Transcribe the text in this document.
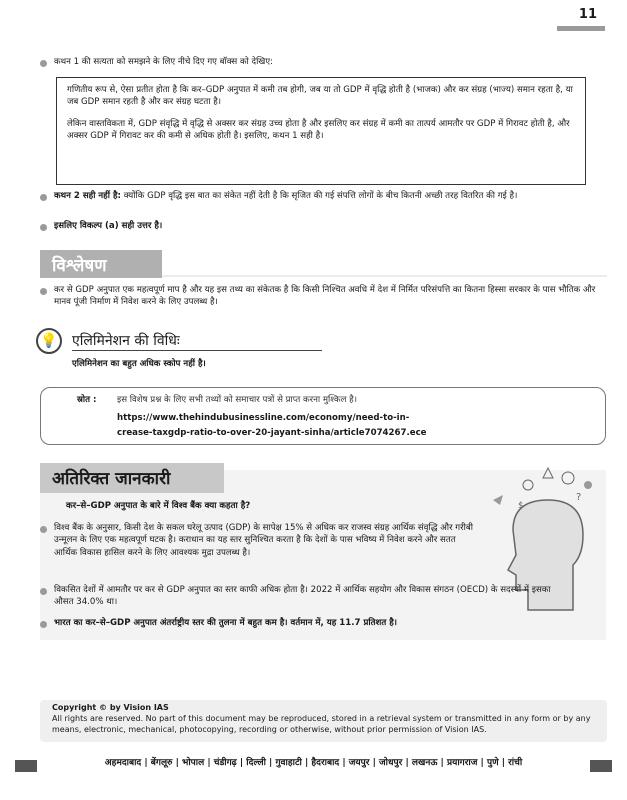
11
कथन 1 की सत्यता को समझने के लिए नीचे दिए गए बॉक्स को देखिए:

गणितीय रूप से, ऐसा प्रतीत होता है कि कर–GDP अनुपात में कमी तब होगी, जब या तो GDP में वृद्धि होती है (भाजक) और कर संग्रह (भाज्य) समान रहता है, या जब GDP समान रहती है और कर संग्रह घटता है।

लेकिन वास्तविकता में, GDP संवृद्धि में वृद्धि से अक्सर कर संग्रह उच्च होता है और इसलिए कर संग्रह में कमी का तात्पर्य आमतौर पर GDP में गिरावट होती है, और अक्सर GDP में गिरावट कर की कमी से अधिक होती है। इसलिए, कथन 1 सही है।

कथन 2 सही नहीं है: क्योंकि GDP वृद्धि इस बात का संकेत नहीं देती है कि सृजित की गई संपत्ति लोगों के बीच कितनी अच्छी तरह वितरित की गई है।
इसलिए विकल्प (a) सही उत्तर है।
विश्लेषण
कर से GDP अनुपात एक महत्वपूर्ण माप है और यह इस तथ्य का संकेतक है कि किसी निश्चित अवधि में देश में निर्मित परिसंपत्ति का कितना हिस्सा सरकार के पास भौतिक और मानव पूंजी निर्माण में निवेश करने के लिए उपलब्ध है।
💡	एलिमिनेशन की विधिः
एलिमिनेशन का बहुत अधिक स्कोप नहीं है।
स्रोत : इस विशेष प्रश्न के लिए सभी तथ्यों को समाचार पत्रों से प्राप्त करना मुश्किल है।
https://www.thehindubusinessline.com/economy/need-to-in-
crease-taxgdp-ratio-to-over-20-jayant-sinha/article7074267.ece
अतिरिक्त जानकारी
?
$
कर–से–GDP अनुपात के बारे में विश्व बैंक क्या कहता है?
विश्व बैंक के अनुसार, किसी देश के सकल घरेलू उत्पाद (GDP) के सापेक्ष 15% से अधिक कर राजस्व संग्रह आर्थिक संवृद्धि और गरीबी उन्मूलन के लिए एक महत्वपूर्ण घटक है। कराधान का यह स्तर सुनिश्चित करता है कि देशों के पास भविष्य में निवेश करने और सतत आर्थिक विकास हासिल करने के लिए आवश्यक मुद्रा उपलब्ध है।
विकसित देशों में आमतौर पर कर से GDP अनुपात का स्तर काफी अधिक होता है। 2022 में आर्थिक सहयोग और विकास संगठन (OECD) के सदस्यों में इसका औसत 34.0% था।
भारत का कर–से–GDP अनुपात अंतर्राष्ट्रीय स्तर की तुलना में बहुत कम है। वर्तमान में, यह 11.7 प्रतिशत है।
Copyright © by Vision IAS
All rights are reserved. No part of this document may be reproduced, stored in a retrieval system or transmitted in any form or by any means, electronic, mechanical, photocopying, recording or otherwise, without prior permission of Vision IAS.
अहमदाबाद | बेंगलूरु | भोपाल | चंडीगढ़ | दिल्ली | गुवाहाटी | हैदराबाद | जयपुर | जोधपुर | लखनऊ | प्रयागराज | पुणे | रांची
